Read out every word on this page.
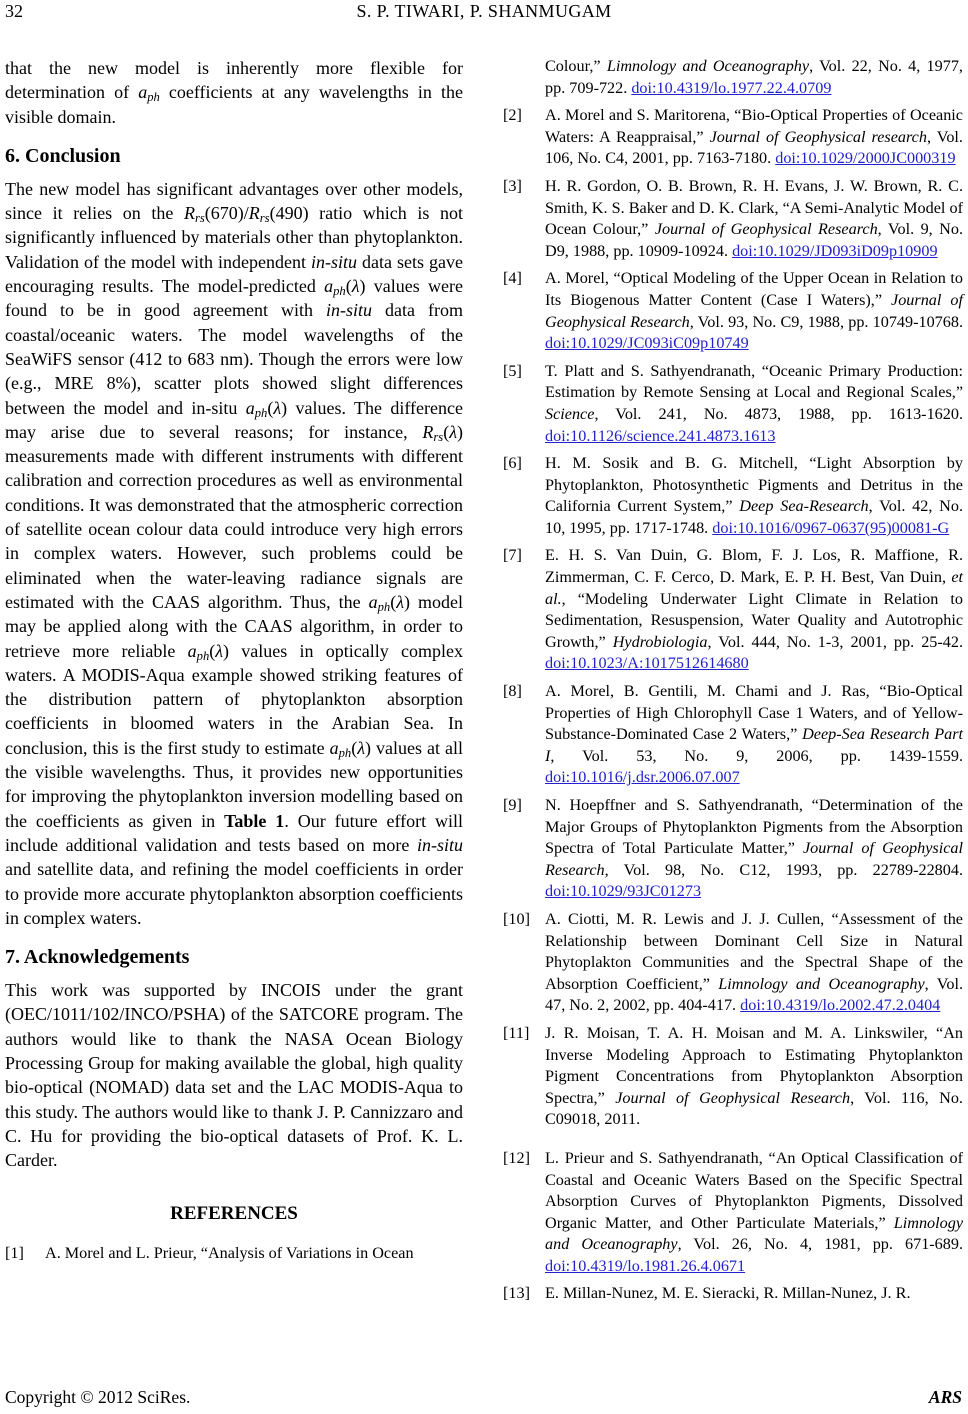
32	S. P. TIWARI, P. SHANMUGAM

that the new model is inherently more flexible for determination of aph coefficients at any wavelengths in the visible domain.

6. Conclusion

The new model has significant advantages over other models, since it relies on the Rrs(670)/Rrs(490) ratio which is not significantly influenced by materials other than phytoplankton. Validation of the model with independent in-situ data sets gave encouraging results. The model-predicted aph(λ) values were found to be in good agreement with in-situ data from coastal/oceanic waters. The model wavelengths of the SeaWiFS sensor (412 to 683 nm). Though the errors were low (e.g., MRE 8%), scatter plots showed slight differences between the model and in-situ aph(λ) values. The difference may arise due to several reasons; for instance, Rrs(λ) measurements made with different instruments with different calibration and correction procedures as well as environmental conditions. It was demonstrated that the atmospheric correction of satellite ocean colour data could introduce very high errors in complex waters. However, such problems could be eliminated when the water-leaving radiance signals are estimated with the CAAS algorithm. Thus, the aph(λ) model may be applied along with the CAAS algorithm, in order to retrieve more reliable aph(λ) values in optically complex waters. A MODIS-Aqua example showed striking features of the distribution pattern of phytoplankton absorption coefficients in bloomed waters in the Arabian Sea. In conclusion, this is the first study to estimate aph(λ) values at all the visible wavelengths. Thus, it provides new opportunities for improving the phytoplankton inversion modelling based on the coefficients as given in Table 1. Our future effort will include additional validation and tests based on more in-situ and satellite data, and refining the model coefficients in order to provide more accurate phytoplankton absorption coefficients in complex waters.

7. Acknowledgements

This work was supported by INCOIS under the grant (OEC/1011/102/INCO/PSHA) of the SATCORE program. The authors would like to thank the NASA Ocean Biology Processing Group for making available the global, high quality bio-optical (NOMAD) data set and the LAC MODIS-Aqua to this study. The authors would like to thank J. P. Cannizzaro and C. Hu for providing the bio-optical datasets of Prof. K. L. Carder.

REFERENCES
[1] A. Morel and L. Prieur, “Analysis of Variations in Ocean
Colour,” Limnology and Oceanography, Vol. 22, No. 4, 1977, pp. 709-722. doi:10.4319/lo.1977.22.4.0709
[2] A. Morel and S. Maritorena, “Bio-Optical Properties of Oceanic Waters: A Reappraisal,” Journal of Geophysical research, Vol. 106, No. C4, 2001, pp. 7163-7180. doi:10.1029/2000JC000319
[3] H. R. Gordon, O. B. Brown, R. H. Evans, J. W. Brown, R. C. Smith, K. S. Baker and D. K. Clark, “A Semi-Analytic Model of Ocean Colour,” Journal of Geophysical Research, Vol. 9, No. D9, 1988, pp. 10909-10924. doi:10.1029/JD093iD09p10909
[4] A. Morel, “Optical Modeling of the Upper Ocean in Relation to Its Biogenous Matter Content (Case I Waters),” Journal of Geophysical Research, Vol. 93, No. C9, 1988, pp. 10749-10768. doi:10.1029/JC093iC09p10749
[5] T. Platt and S. Sathyendranath, “Oceanic Primary Production: Estimation by Remote Sensing at Local and Regional Scales,” Science, Vol. 241, No. 4873, 1988, pp. 1613-1620. doi:10.1126/science.241.4873.1613
[6] H. M. Sosik and B. G. Mitchell, “Light Absorption by Phytoplankton, Photosynthetic Pigments and Detritus in the California Current System,” Deep Sea-Research, Vol. 42, No. 10, 1995, pp. 1717-1748. doi:10.1016/0967-0637(95)00081-G
[7] E. H. S. Van Duin, G. Blom, F. J. Los, R. Maffione, R. Zimmerman, C. F. Cerco, D. Mark, E. P. H. Best, Van Duin, et al., “Modeling Underwater Light Climate in Relation to Sedimentation, Resuspension, Water Quality and Autotrophic Growth,” Hydrobiologia, Vol. 444, No. 1-3, 2001, pp. 25-42. doi:10.1023/A:1017512614680
[8] A. Morel, B. Gentili, M. Chami and J. Ras, “Bio-Optical Properties of High Chlorophyll Case 1 Waters, and of Yellow-Substance-Dominated Case 2 Waters,” Deep-Sea Research Part I, Vol. 53, No. 9, 2006, pp. 1439-1559. doi:10.1016/j.dsr.2006.07.007
[9] N. Hoepffner and S. Sathyendranath, “Determination of the Major Groups of Phytoplankton Pigments from the Absorption Spectra of Total Particulate Matter,” Journal of Geophysical Research, Vol. 98, No. C12, 1993, pp. 22789-22804. doi:10.1029/93JC01273
[10] A. Ciotti, M. R. Lewis and J. J. Cullen, “Assessment of the Relationship between Dominant Cell Size in Natural Phytoplakton Communities and the Spectral Shape of the Absorption Coefficient,” Limnology and Oceanography, Vol. 47, No. 2, 2002, pp. 404-417. doi:10.4319/lo.2002.47.2.0404
[11] J. R. Moisan, T. A. H. Moisan and M. A. Linkswiler, “An Inverse Modeling Approach to Estimating Phytoplankton Pigment Concentrations from Phytoplankton Absorption Spectra,” Journal of Geophysical Research, Vol. 116, No. C09018, 2011.
[12] L. Prieur and S. Sathyendranath, “An Optical Classification of Coastal and Oceanic Waters Based on the Specific Spectral Absorption Curves of Phytoplankton Pigments, Dissolved Organic Matter, and Other Particulate Materials,” Limnology and Oceanography, Vol. 26, No. 4, 1981, pp. 671-689. doi:10.4319/lo.1981.26.4.0671
[13] E. Millan-Nunez, M. E. Sieracki, R. Millan-Nunez, J. R.
Copyright © 2012 SciRes.	ARS
